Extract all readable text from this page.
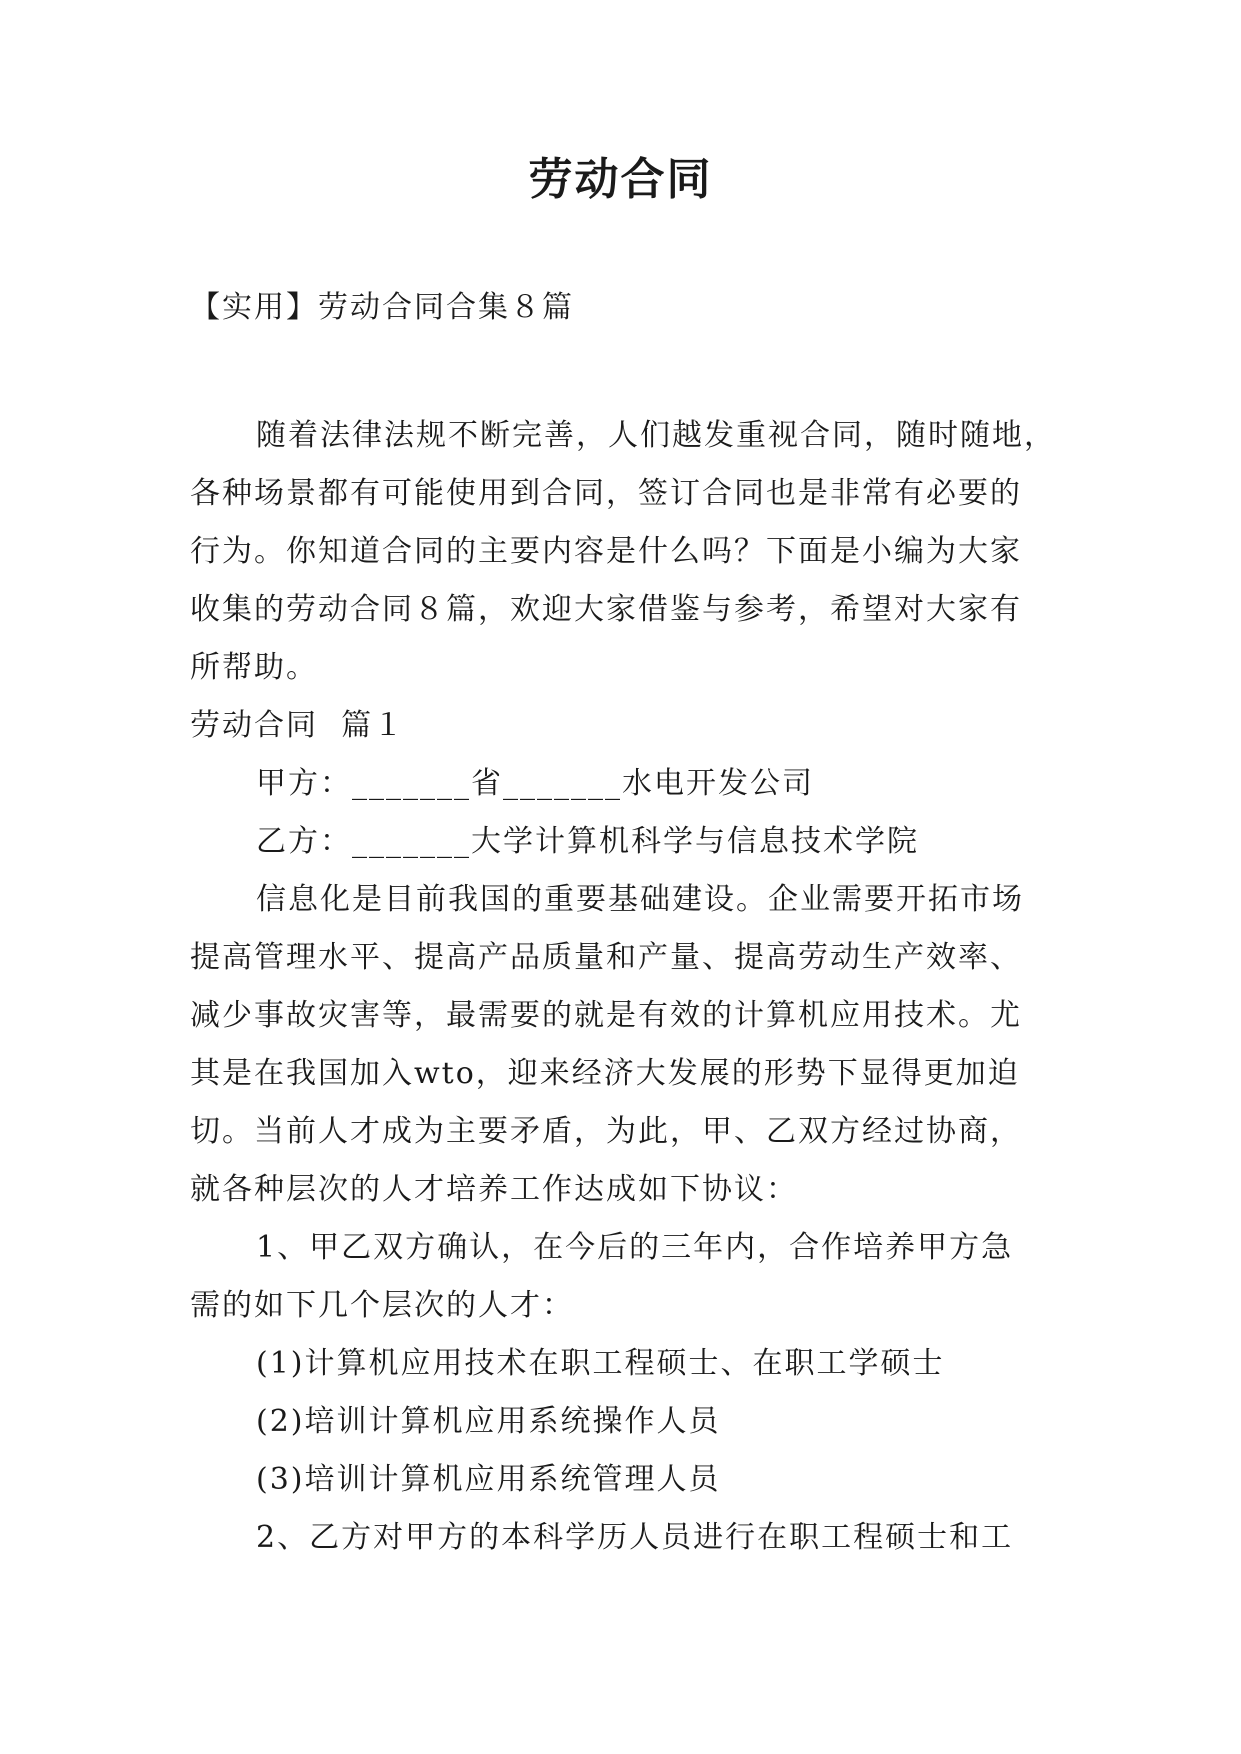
劳动合同
【实用】劳动合同合集８篇

随着法律法规不断完善，人们越发重视合同，随时随地，

各种场景都有可能使用到合同，签订合同也是非常有必要的

行为。你知道合同的主要内容是什么吗？下面是小编为大家

收集的劳动合同８篇，欢迎大家借鉴与参考，希望对大家有

所帮助。

劳动合同  篇１

甲方：_______省_______水电开发公司

乙方：_______大学计算机科学与信息技术学院

信息化是目前我国的重要基础建设。企业需要开拓市场

提高管理水平、提高产品质量和产量、提高劳动生产效率、

减少事故灾害等，最需要的就是有效的计算机应用技术。尤

其是在我国加入wto，迎来经济大发展的形势下显得更加迫

切。当前人才成为主要矛盾，为此，甲、乙双方经过协商，

就各种层次的人才培养工作达成如下协议：

1、甲乙双方确认，在今后的三年内，合作培养甲方急

需的如下几个层次的人才：

(1)计算机应用技术在职工程硕士、在职工学硕士

(2)培训计算机应用系统操作人员

(3)培训计算机应用系统管理人员

2、乙方对甲方的本科学历人员进行在职工程硕士和工
